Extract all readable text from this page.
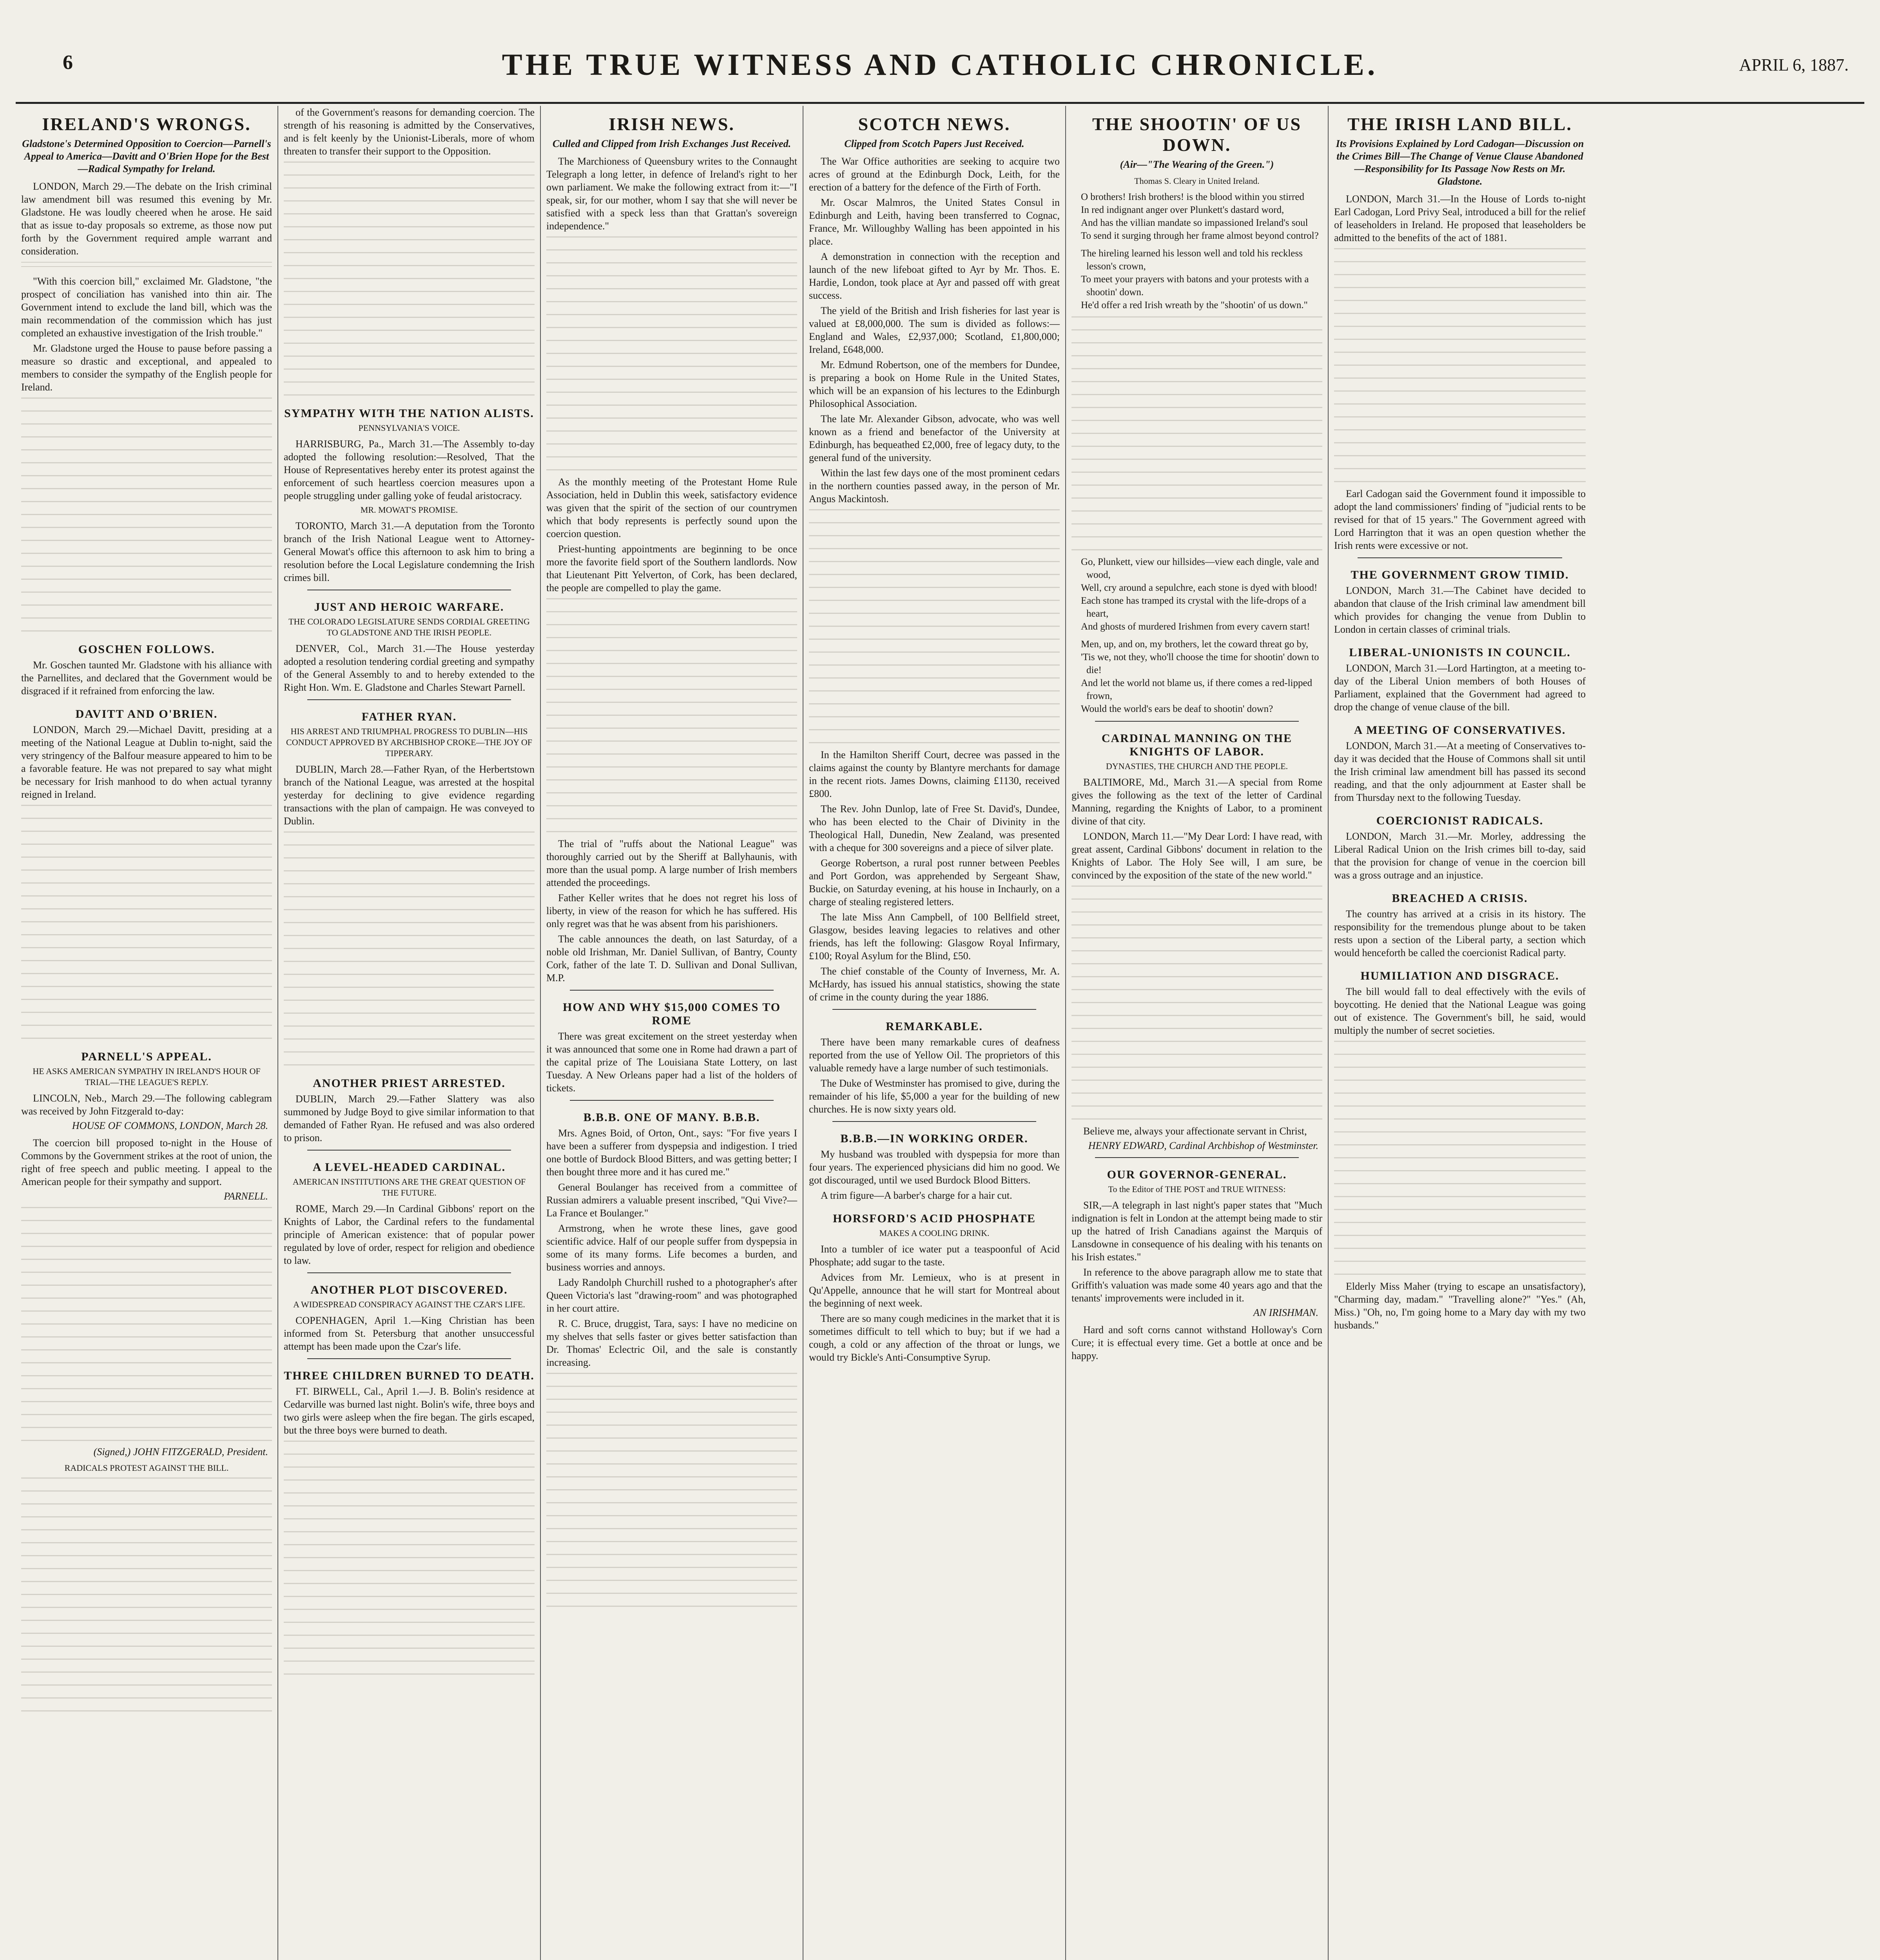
6	THE TRUE WITNESS AND CATHOLIC CHRONICLE.	APRIL 6, 1887.
IRELAND'S WRONGS.
Gladstone's Determined Opposition to Coercion—Parnell's Appeal to America—Davitt and O'Brien Hope for the Best—Radical Sympathy for Ireland.

LONDON, March 29.—The debate on the Irish criminal law amendment bill was resumed this evening by Mr. Gladstone. He was loudly cheered when he arose. He said that as issue to-day proposals so extreme, as those now put forth by the Government required ample warrant and consideration.

"With this coercion bill," exclaimed Mr. Gladstone, "the prospect of conciliation has vanished into thin air. The Government intend to exclude the land bill, which was the main recommendation of the commission which has just completed an exhaustive investigation of the Irish trouble."

Mr. Gladstone urged the House to pause before passing a measure so drastic and exceptional, and appealed to members to consider the sympathy of the English people for Ireland.

GOSCHEN FOLLOWS.

Mr. Goschen taunted Mr. Gladstone with his alliance with the Parnellites, and declared that the Government would be disgraced if it refrained from enforcing the law.

DAVITT AND O'BRIEN.

LONDON, March 29.—Michael Davitt, presiding at a meeting of the National League at Dublin to-night, said the very stringency of the Balfour measure appeared to him to be a favorable feature. He was not prepared to say what might be necessary for Irish manhood to do when actual tyranny reigned in Ireland.

PARNELL'S APPEAL.
HE ASKS AMERICAN SYMPATHY IN IRELAND'S HOUR OF TRIAL—THE LEAGUE'S REPLY.

LINCOLN, Neb., March 29.—The following cablegram was received by John Fitzgerald to-day:

HOUSE OF COMMONS, LONDON, March 28.

The coercion bill proposed to-night in the House of Commons by the Government strikes at the root of union, the right of free speech and public meeting. I appeal to the American people for their sympathy and support.

PARNELL.
(Signed,) JOHN FITZGERALD, President.
RADICALS PROTEST AGAINST THE BILL.

of the Government's reasons for demanding coercion. The strength of his reasoning is admitted by the Conservatives, and is felt keenly by the Unionist-Liberals, more of whom threaten to transfer their support to the Opposition.

SYMPATHY WITH THE NATION ALISTS.
PENNSYLVANIA'S VOICE.

HARRISBURG, Pa., March 31.—The Assembly to-day adopted the following resolution:—Resolved, That the House of Representatives hereby enter its protest against the enforcement of such heartless coercion measures upon a people struggling under galling yoke of feudal aristocracy.

MR. MOWAT'S PROMISE.

TORONTO, March 31.—A deputation from the Toronto branch of the Irish National League went to Attorney-General Mowat's office this afternoon to ask him to bring a resolution before the Local Legislature condemning the Irish crimes bill.

JUST AND HEROIC WARFARE.
THE COLORADO LEGISLATURE SENDS CORDIAL GREETING TO GLADSTONE AND THE IRISH PEOPLE.

DENVER, Col., March 31.—The House yesterday adopted a resolution tendering cordial greeting and sympathy of the General Assembly to and to hereby extended to the Right Hon. Wm. E. Gladstone and Charles Stewart Parnell.

FATHER RYAN.
HIS ARREST AND TRIUMPHAL PROGRESS TO DUBLIN—HIS CONDUCT APPROVED BY ARCHBISHOP CROKE—THE JOY OF TIPPERARY.

DUBLIN, March 28.—Father Ryan, of the Herbertstown branch of the National League, was arrested at the hospital yesterday for declining to give evidence regarding transactions with the plan of campaign. He was conveyed to Dublin.

ANOTHER PRIEST ARRESTED.

DUBLIN, March 29.—Father Slattery was also summoned by Judge Boyd to give similar information to that demanded of Father Ryan. He refused and was also ordered to prison.

A LEVEL-HEADED CARDINAL.
AMERICAN INSTITUTIONS ARE THE GREAT QUESTION OF THE FUTURE.

ROME, March 29.—In Cardinal Gibbons' report on the Knights of Labor, the Cardinal refers to the fundamental principle of American existence: that of popular power regulated by love of order, respect for religion and obedience to law.

ANOTHER PLOT DISCOVERED.
A WIDESPREAD CONSPIRACY AGAINST THE CZAR'S LIFE.

COPENHAGEN, April 1.—King Christian has been informed from St. Petersburg that another unsuccessful attempt has been made upon the Czar's life.

THREE CHILDREN BURNED TO DEATH.

FT. BIRWELL, Cal., April 1.—J. B. Bolin's residence at Cedarville was burned last night. Bolin's wife, three boys and two girls were asleep when the fire began. The girls escaped, but the three boys were burned to death.

IRISH NEWS.
Culled and Clipped from Irish Exchanges Just Received.

The Marchioness of Queensbury writes to the Connaught Telegraph a long letter, in defence of Ireland's right to her own parliament. We make the following extract from it:—"I speak, sir, for our mother, whom I say that she will never be satisfied with a speck less than that Grattan's sovereign independence."

As the monthly meeting of the Protestant Home Rule Association, held in Dublin this week, satisfactory evidence was given that the spirit of the section of our countrymen which that body represents is perfectly sound upon the coercion question.

Priest-hunting appointments are beginning to be once more the favorite field sport of the Southern landlords. Now that Lieutenant Pitt Yelverton, of Cork, has been declared, the people are compelled to play the game.

The trial of "ruffs about the National League" was thoroughly carried out by the Sheriff at Ballyhaunis, with more than the usual pomp. A large number of Irish members attended the proceedings.

Father Keller writes that he does not regret his loss of liberty, in view of the reason for which he has suffered. His only regret was that he was absent from his parishioners.

The cable announces the death, on last Saturday, of a noble old Irishman, Mr. Daniel Sullivan, of Bantry, County Cork, father of the late T. D. Sullivan and Donal Sullivan, M.P.

HOW AND WHY $15,000 COMES TO ROME

There was great excitement on the street yesterday when it was announced that some one in Rome had drawn a part of the capital prize of The Louisiana State Lottery, on last Tuesday. A New Orleans paper had a list of the holders of tickets.

B.B.B. ONE OF MANY. B.B.B.

Mrs. Agnes Boid, of Orton, Ont., says: "For five years I have been a sufferer from dyspepsia and indigestion. I tried one bottle of Burdock Blood Bitters, and was getting better; I then bought three more and it has cured me."

General Boulanger has received from a committee of Russian admirers a valuable present inscribed, "Qui Vive?—La France et Boulanger."

Armstrong, when he wrote these lines, gave good scientific advice. Half of our people suffer from dyspepsia in some of its many forms. Life becomes a burden, and business worries and annoys.

Lady Randolph Churchill rushed to a photographer's after Queen Victoria's last "drawing-room" and was photographed in her court attire.

R. C. Bruce, druggist, Tara, says: I have no medicine on my shelves that sells faster or gives better satisfaction than Dr. Thomas' Eclectric Oil, and the sale is constantly increasing.

SCOTCH NEWS.
Clipped from Scotch Papers Just Received.

The War Office authorities are seeking to acquire two acres of ground at the Edinburgh Dock, Leith, for the erection of a battery for the defence of the Firth of Forth.

Mr. Oscar Malmros, the United States Consul in Edinburgh and Leith, having been transferred to Cognac, France, Mr. Willoughby Walling has been appointed in his place.

A demonstration in connection with the reception and launch of the new lifeboat gifted to Ayr by Mr. Thos. E. Hardie, London, took place at Ayr and passed off with great success.

The yield of the British and Irish fisheries for last year is valued at £8,000,000. The sum is divided as follows:—England and Wales, £2,937,000; Scotland, £1,800,000; Ireland, £648,000.

Mr. Edmund Robertson, one of the members for Dundee, is preparing a book on Home Rule in the United States, which will be an expansion of his lectures to the Edinburgh Philosophical Association.

The late Mr. Alexander Gibson, advocate, who was well known as a friend and benefactor of the University at Edinburgh, has bequeathed £2,000, free of legacy duty, to the general fund of the university.

Within the last few days one of the most prominent cedars in the northern counties passed away, in the person of Mr. Angus Mackintosh.

In the Hamilton Sheriff Court, decree was passed in the claims against the county by Blantyre merchants for damage in the recent riots. James Downs, claiming £1130, received £800.

The Rev. John Dunlop, late of Free St. David's, Dundee, who has been elected to the Chair of Divinity in the Theological Hall, Dunedin, New Zealand, was presented with a cheque for 300 sovereigns and a piece of silver plate.

George Robertson, a rural post runner between Peebles and Port Gordon, was apprehended by Sergeant Shaw, Buckie, on Saturday evening, at his house in Inchaurly, on a charge of stealing registered letters.

The late Miss Ann Campbell, of 100 Bellfield street, Glasgow, besides leaving legacies to relatives and other friends, has left the following: Glasgow Royal Infirmary, £100; Royal Asylum for the Blind, £50.

The chief constable of the County of Inverness, Mr. A. McHardy, has issued his annual statistics, showing the state of crime in the county during the year 1886.

REMARKABLE.

There have been many remarkable cures of deafness reported from the use of Yellow Oil. The proprietors of this valuable remedy have a large number of such testimonials.

The Duke of Westminster has promised to give, during the remainder of his life, $5,000 a year for the building of new churches. He is now sixty years old.

B.B.B.—IN WORKING ORDER.

My husband was troubled with dyspepsia for more than four years. The experienced physicians did him no good. We got discouraged, until we used Burdock Blood Bitters.

A trim figure—A barber's charge for a hair cut.

HORSFORD'S ACID PHOSPHATE
MAKES A COOLING DRINK.

Into a tumbler of ice water put a teaspoonful of Acid Phosphate; add sugar to the taste.

Advices from Mr. Lemieux, who is at present in Qu'Appelle, announce that he will start for Montreal about the beginning of next week.

There are so many cough medicines in the market that it is sometimes difficult to tell which to buy; but if we had a cough, a cold or any affection of the throat or lungs, we would try Bickle's Anti-Consumptive Syrup.

THE SHOOTIN' OF US DOWN.
(Air—"The Wearing of the Green.")
Thomas S. Cleary in United Ireland.
O brothers! Irish brothers! is the blood within you stirred
In red indignant anger over Plunkett's dastard word,
And has the villian mandate so impassioned Ireland's soul
To send it surging through her frame almost beyond control?
The hireling learned his lesson well and told his reckless lesson's crown,
To meet your prayers with batons and your protests with a shootin' down.
He'd offer a red Irish wreath by the "shootin' of us down."
Go, Plunkett, view our hillsides—view each dingle, vale and wood,
Well, cry around a sepulchre, each stone is dyed with blood!
Each stone has tramped its crystal with the life-drops of a heart,
And ghosts of murdered Irishmen from every cavern start!
Men, up, and on, my brothers, let the coward threat go by,
'Tis we, not they, who'll choose the time for shootin' down to die!
And let the world not blame us, if there comes a red-lipped frown,
Would the world's ears be deaf to shootin' down?
CARDINAL MANNING ON THE KNIGHTS OF LABOR.
DYNASTIES, THE CHURCH AND THE PEOPLE.

BALTIMORE, Md., March 31.—A special from Rome gives the following as the text of the letter of Cardinal Manning, regarding the Knights of Labor, to a prominent divine of that city.

LONDON, March 11.—"My Dear Lord: I have read, with great assent, Cardinal Gibbons' document in relation to the Knights of Labor. The Holy See will, I am sure, be convinced by the exposition of the state of the new world."

Believe me, always your affectionate servant in Christ,

HENRY EDWARD, Cardinal Archbishop of Westminster.
OUR GOVERNOR-GENERAL.
To the Editor of THE POST and TRUE WITNESS:

SIR,—A telegraph in last night's paper states that "Much indignation is felt in London at the attempt being made to stir up the hatred of Irish Canadians against the Marquis of Lansdowne in consequence of his dealing with his tenants on his Irish estates."

In reference to the above paragraph allow me to state that Griffith's valuation was made some 40 years ago and that the tenants' improvements were included in it.

AN IRISHMAN.

Hard and soft corns cannot withstand Holloway's Corn Cure; it is effectual every time. Get a bottle at once and be happy.

THE IRISH LAND BILL.
Its Provisions Explained by Lord Cadogan—Discussion on the Crimes Bill—The Change of Venue Clause Abandoned—Responsibility for Its Passage Now Rests on Mr. Gladstone.

LONDON, March 31.—In the House of Lords to-night Earl Cadogan, Lord Privy Seal, introduced a bill for the relief of leaseholders in Ireland. He proposed that leaseholders be admitted to the benefits of the act of 1881.

Earl Cadogan said the Government found it impossible to adopt the land commissioners' finding of "judicial rents to be revised for that of 15 years." The Government agreed with Lord Harrington that it was an open question whether the Irish rents were excessive or not.

THE GOVERNMENT GROW TIMID.

LONDON, March 31.—The Cabinet have decided to abandon that clause of the Irish criminal law amendment bill which provides for changing the venue from Dublin to London in certain classes of criminal trials.

LIBERAL-UNIONISTS IN COUNCIL.

LONDON, March 31.—Lord Hartington, at a meeting to-day of the Liberal Union members of both Houses of Parliament, explained that the Government had agreed to drop the change of venue clause of the bill.

A MEETING OF CONSERVATIVES.

LONDON, March 31.—At a meeting of Conservatives to-day it was decided that the House of Commons shall sit until the Irish criminal law amendment bill has passed its second reading, and that the only adjournment at Easter shall be from Thursday next to the following Tuesday.

COERCIONIST RADICALS.

LONDON, March 31.—Mr. Morley, addressing the Liberal Radical Union on the Irish crimes bill to-day, said that the provision for change of venue in the coercion bill was a gross outrage and an injustice.

BREACHED A CRISIS.

The country has arrived at a crisis in its history. The responsibility for the tremendous plunge about to be taken rests upon a section of the Liberal party, a section which would henceforth be called the coercionist Radical party.

HUMILIATION AND DISGRACE.

The bill would fall to deal effectively with the evils of boycotting. He denied that the National League was going out of existence. The Government's bill, he said, would multiply the number of secret societies.

Elderly Miss Maher (trying to escape an unsatisfactory), "Charming day, madam." "Travelling alone?" "Yes." (Ah, Miss.) "Oh, no, I'm going home to a Mary day with my two husbands."
